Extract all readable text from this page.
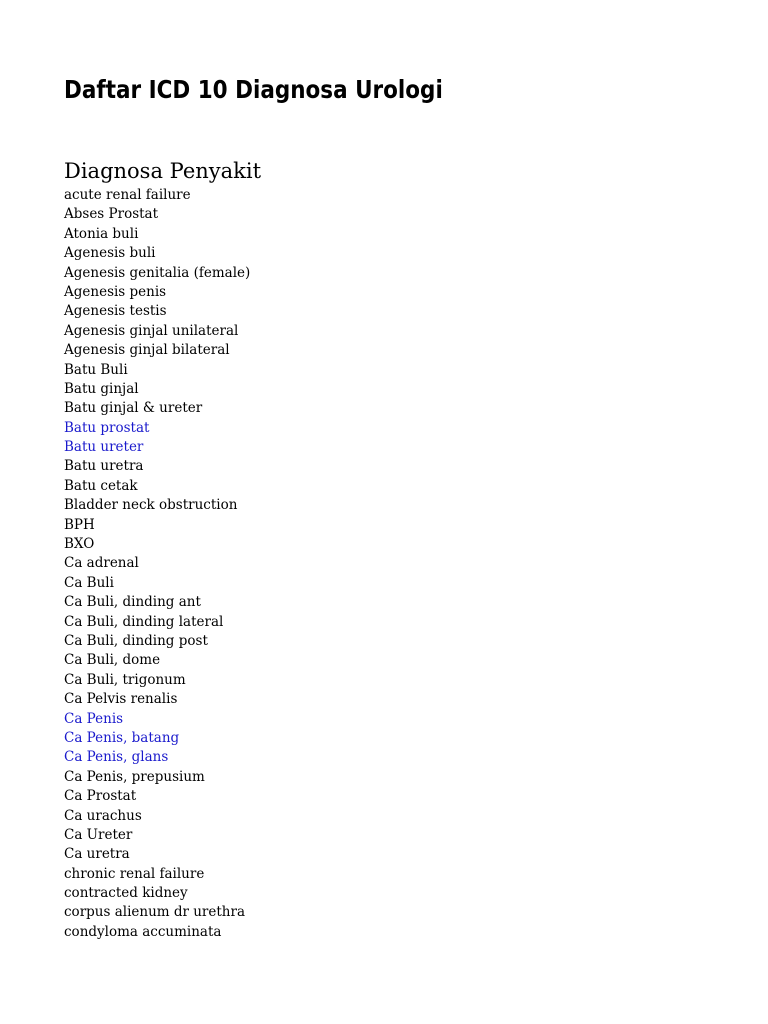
Daftar ICD 10 Diagnosa Urologi
Diagnosa Penyakit
acute renal failure
Abses Prostat
Atonia buli
Agenesis buli
Agenesis genitalia (female)
Agenesis penis
Agenesis testis
Agenesis ginjal unilateral
Agenesis ginjal bilateral
Batu Buli
Batu ginjal
Batu ginjal & ureter
Batu prostat
Batu ureter
Batu uretra
Batu cetak
Bladder neck obstruction
BPH
BXO
Ca adrenal
Ca Buli
Ca Buli, dinding ant
Ca Buli, dinding lateral
Ca Buli, dinding post
Ca Buli, dome
Ca Buli, trigonum
Ca Pelvis renalis
Ca Penis
Ca Penis, batang
Ca Penis, glans
Ca Penis, prepusium
Ca Prostat
Ca urachus
Ca Ureter
Ca uretra
chronic renal failure
contracted kidney
corpus alienum dr urethra
condyloma accuminata
